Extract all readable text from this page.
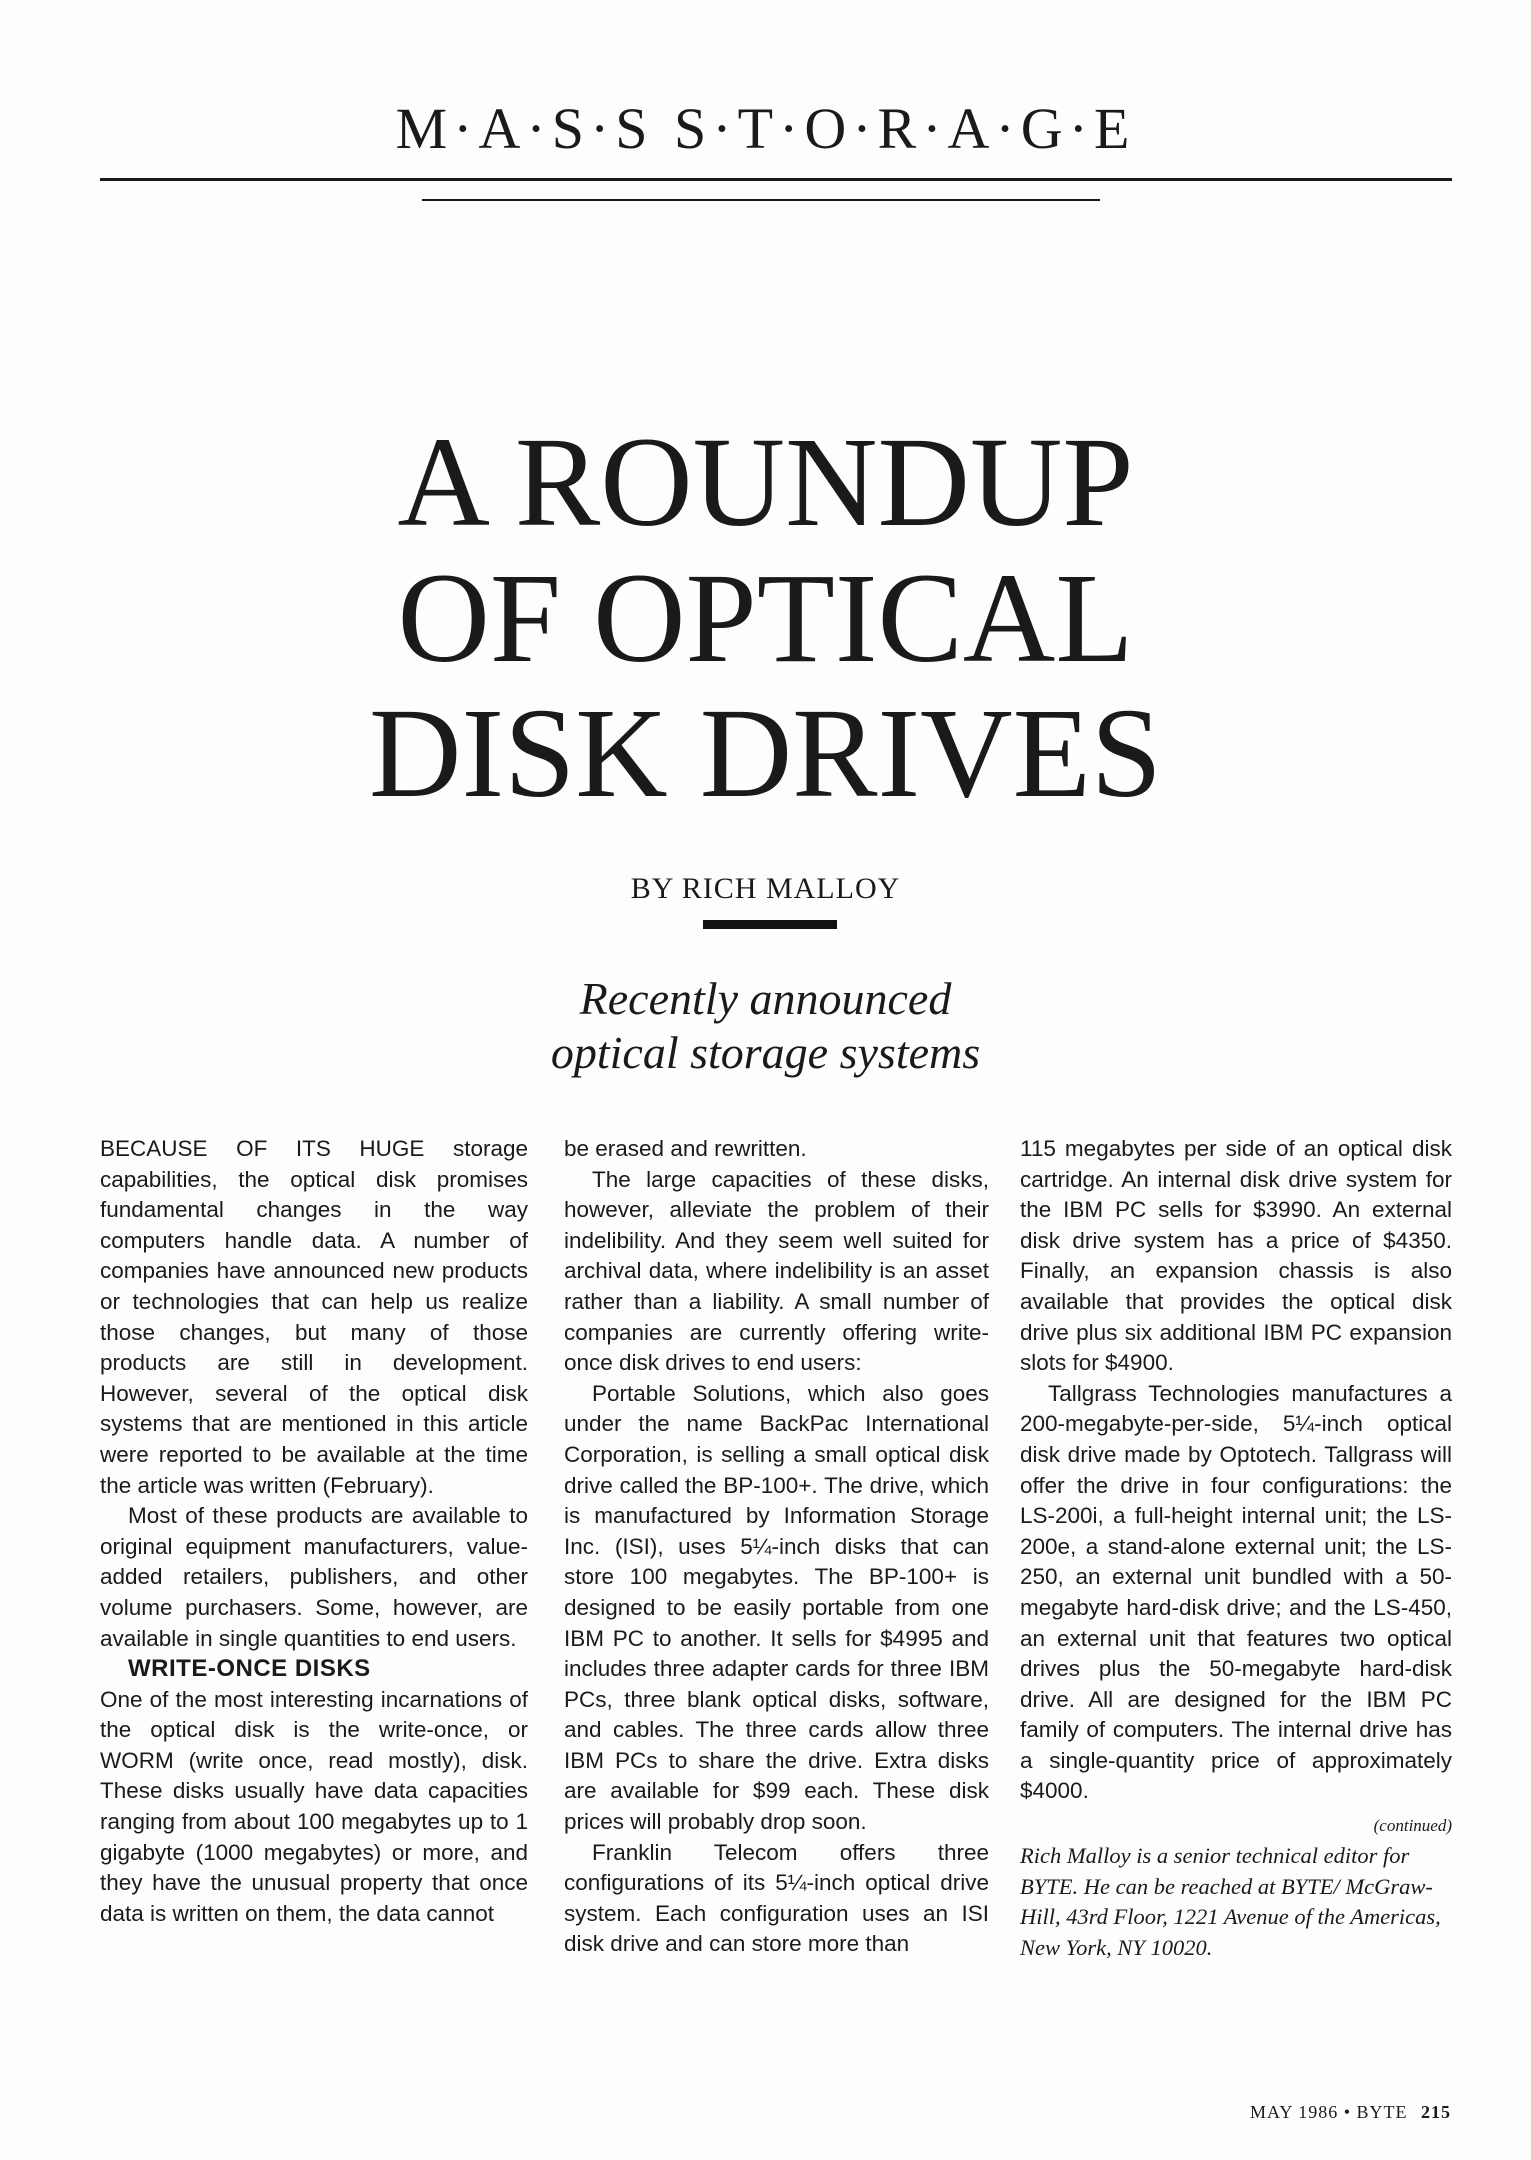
M·A·S·S S·T·O·R·A·G·E
A ROUNDUP
OF OPTICAL
DISK DRIVES
BY RICH MALLOY
Recently announced
optical storage systems

BECAUSE OF ITS HUGE storage capabilities, the optical disk promises fundamental changes in the way computers handle data. A number of companies have announced new products or technologies that can help us realize those changes, but many of those products are still in development. However, several of the optical disk systems that are mentioned in this article were reported to be available at the time the article was written (February).

Most of these products are available to original equipment manufacturers, value-added retailers, publishers, and other volume purchasers. Some, however, are available in single quantities to end users.

WRITE-ONCE DISKS

One of the most interesting incarnations of the optical disk is the write-once, or WORM (write once, read mostly), disk. These disks usually have data capacities ranging from about 100 megabytes up to 1 gigabyte (1000 megabytes) or more, and they have the unusual property that once data is written on them, the data cannot

be erased and rewritten.

The large capacities of these disks, however, alleviate the problem of their indelibility. And they seem well suited for archival data, where indelibility is an asset rather than a liability. A small number of companies are currently offering write-once disk drives to end users:

Portable Solutions, which also goes under the name BackPac International Corporation, is selling a small optical disk drive called the BP-100+. The drive, which is manufactured by Information Storage Inc. (ISI), uses 5¼-inch disks that can store 100 megabytes. The BP-100+ is designed to be easily portable from one IBM PC to another. It sells for $4995 and includes three adapter cards for three IBM PCs, three blank optical disks, software, and cables. The three cards allow three IBM PCs to share the drive. Extra disks are available for $99 each. These disk prices will probably drop soon.

Franklin Telecom offers three configurations of its 5¼-inch optical drive system. Each configuration uses an ISI disk drive and can store more than

115 megabytes per side of an optical disk cartridge. An internal disk drive system for the IBM PC sells for $3990. An external disk drive system has a price of $4350. Finally, an expansion chassis is also available that provides the optical disk drive plus six additional IBM PC expansion slots for $4900.

Tallgrass Technologies manufactures a 200-megabyte-per-side, 5¼-inch optical disk drive made by Optotech. Tallgrass will offer the drive in four configurations: the LS-200i, a full-height internal unit; the LS-200e, a stand-alone external unit; the LS-250, an external unit bundled with a 50-megabyte hard-disk drive; and the LS-450, an external unit that features two optical drives plus the 50-megabyte hard-disk drive. All are designed for the IBM PC family of computers. The internal drive has a single-quantity price of approximately $4000.

(continued)
Rich Malloy is a senior technical editor for BYTE. He can be reached at BYTE/ McGraw-Hill, 43rd Floor, 1221 Avenue of the Americas, New York, NY 10020.
MAY 1986 • BYTE 215
